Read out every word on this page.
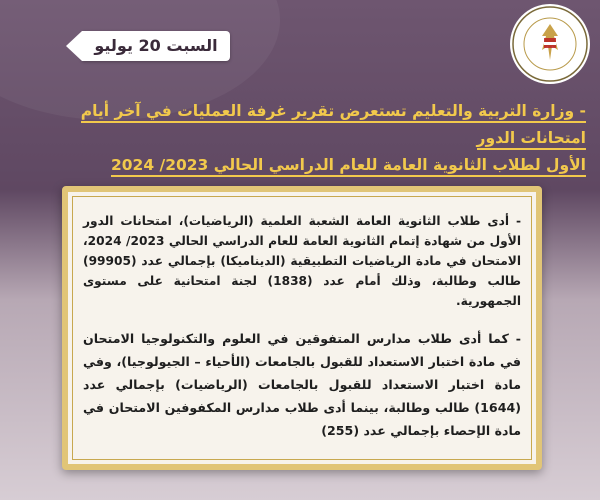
السبت 20 يوليو
- وزارة التربية والتعليم تستعرض تقرير غرفة العمليات في آخر أيام امتحانات الدور
الأول لطلاب الثانوية العامة للعام الدراسي الحالي 2023/ 2024

- أدى طلاب الثانوية العامة الشعبة العلمية (الرياضيات)، امتحانات الدور الأول من شهادة إتمام الثانوية العامة للعام الدراسي الحالي 2023/ 2024، الامتحان في مادة الرياضيات التطبيقية (الديناميكا) بإجمالي عدد (99905) طالب وطالبة، وذلك أمام عدد (1838) لجنة امتحانية على مستوى الجمهورية.

- كما أدى طلاب مدارس المتفوقين في العلوم والتكنولوجيا الامتحان في مادة اختبار الاستعداد للقبول بالجامعات (الأحياء – الجيولوجيا)، وفي مادة اختبار الاستعداد للقبول بالجامعات (الرياضيات) بإجمالي عدد (1644) طالب وطالبة، بينما أدى طلاب مدارس المكفوفين الامتحان في مادة الإحصاء بإجمالي عدد (255)
